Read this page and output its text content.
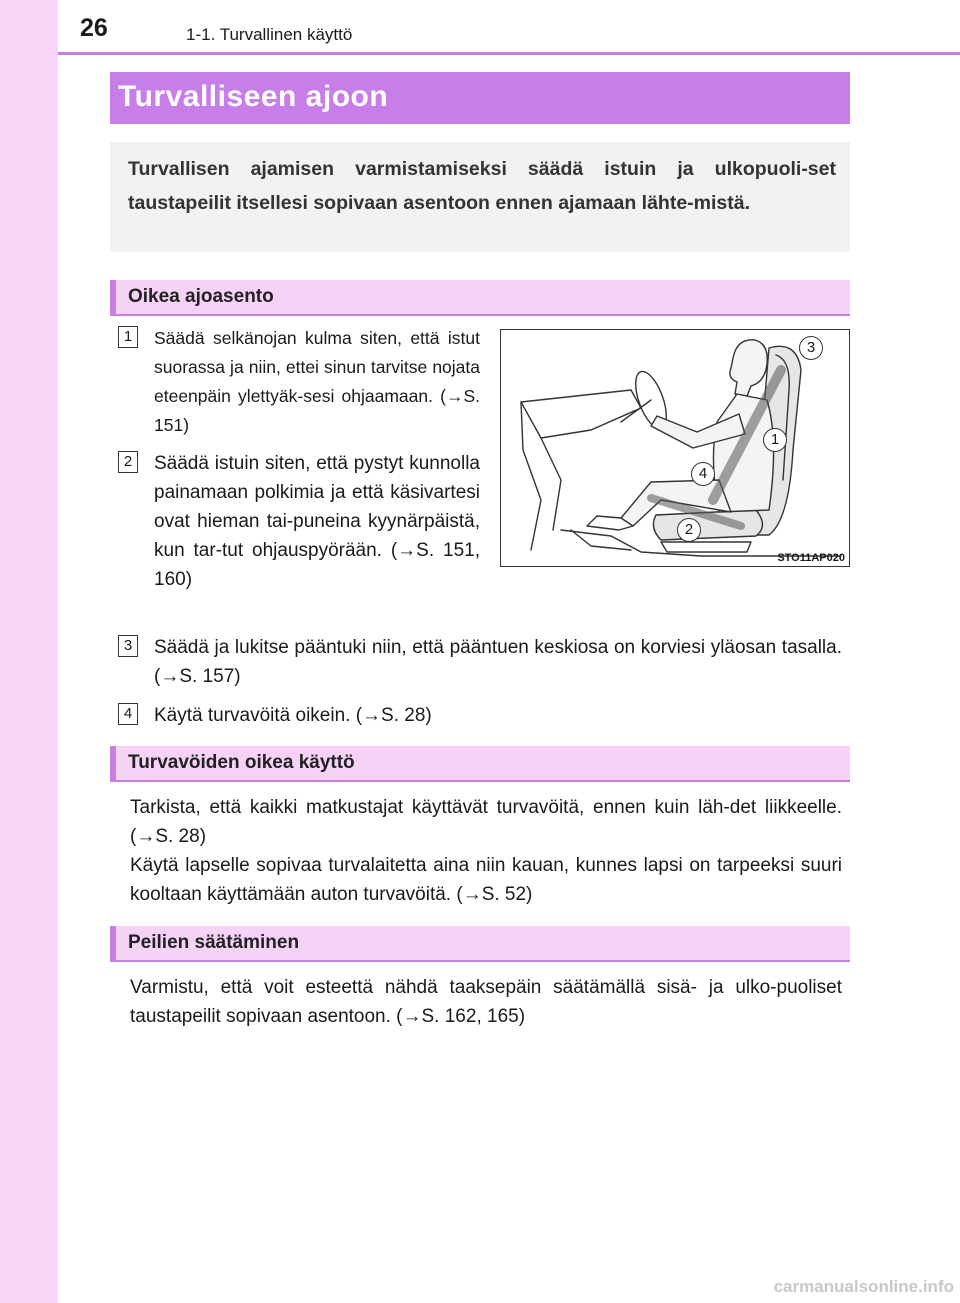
26	1-1. Turvallinen käyttö
Turvalliseen ajoon
Turvallisen ajamisen varmistamiseksi säädä istuin ja ulkopuoli-set taustapeilit itsellesi sopivaan asentoon ennen ajamaan lähte-mistä.
Oikea ajoasento
1	Säädä selkänojan kulma siten, että istut suorassa ja niin, ettei sinun tarvitse nojata eteenpäin ylettyäk-sesi ohjaamaan. (→S. 151)
2	Säädä istuin siten, että pystyt kunnolla painamaan polkimia ja että käsivartesi ovat hieman tai-puneina kyynärpäistä, kun tar-tut ohjauspyörään. (→S. 151, 160)
3	Säädä ja lukitse pääntuki niin, että pääntuen keskiosa on korviesi yläosan tasalla. (→S. 157)
4	Käytä turvavöitä oikein. (→S. 28)
3
1
4
2
STO11AP020
Turvavöiden oikea käyttö
Tarkista, että kaikki matkustajat käyttävät turvavöitä, ennen kuin läh-det liikkeelle. (→S. 28)
Käytä lapselle sopivaa turvalaitetta aina niin kauan, kunnes lapsi on tarpeeksi suuri kooltaan käyttämään auton turvavöitä. (→S. 52)
Peilien säätäminen
Varmistu, että voit esteettä nähdä taaksepäin säätämällä sisä- ja ulko-puoliset taustapeilit sopivaan asentoon. (→S. 162, 165)
carmanualsonline.info
